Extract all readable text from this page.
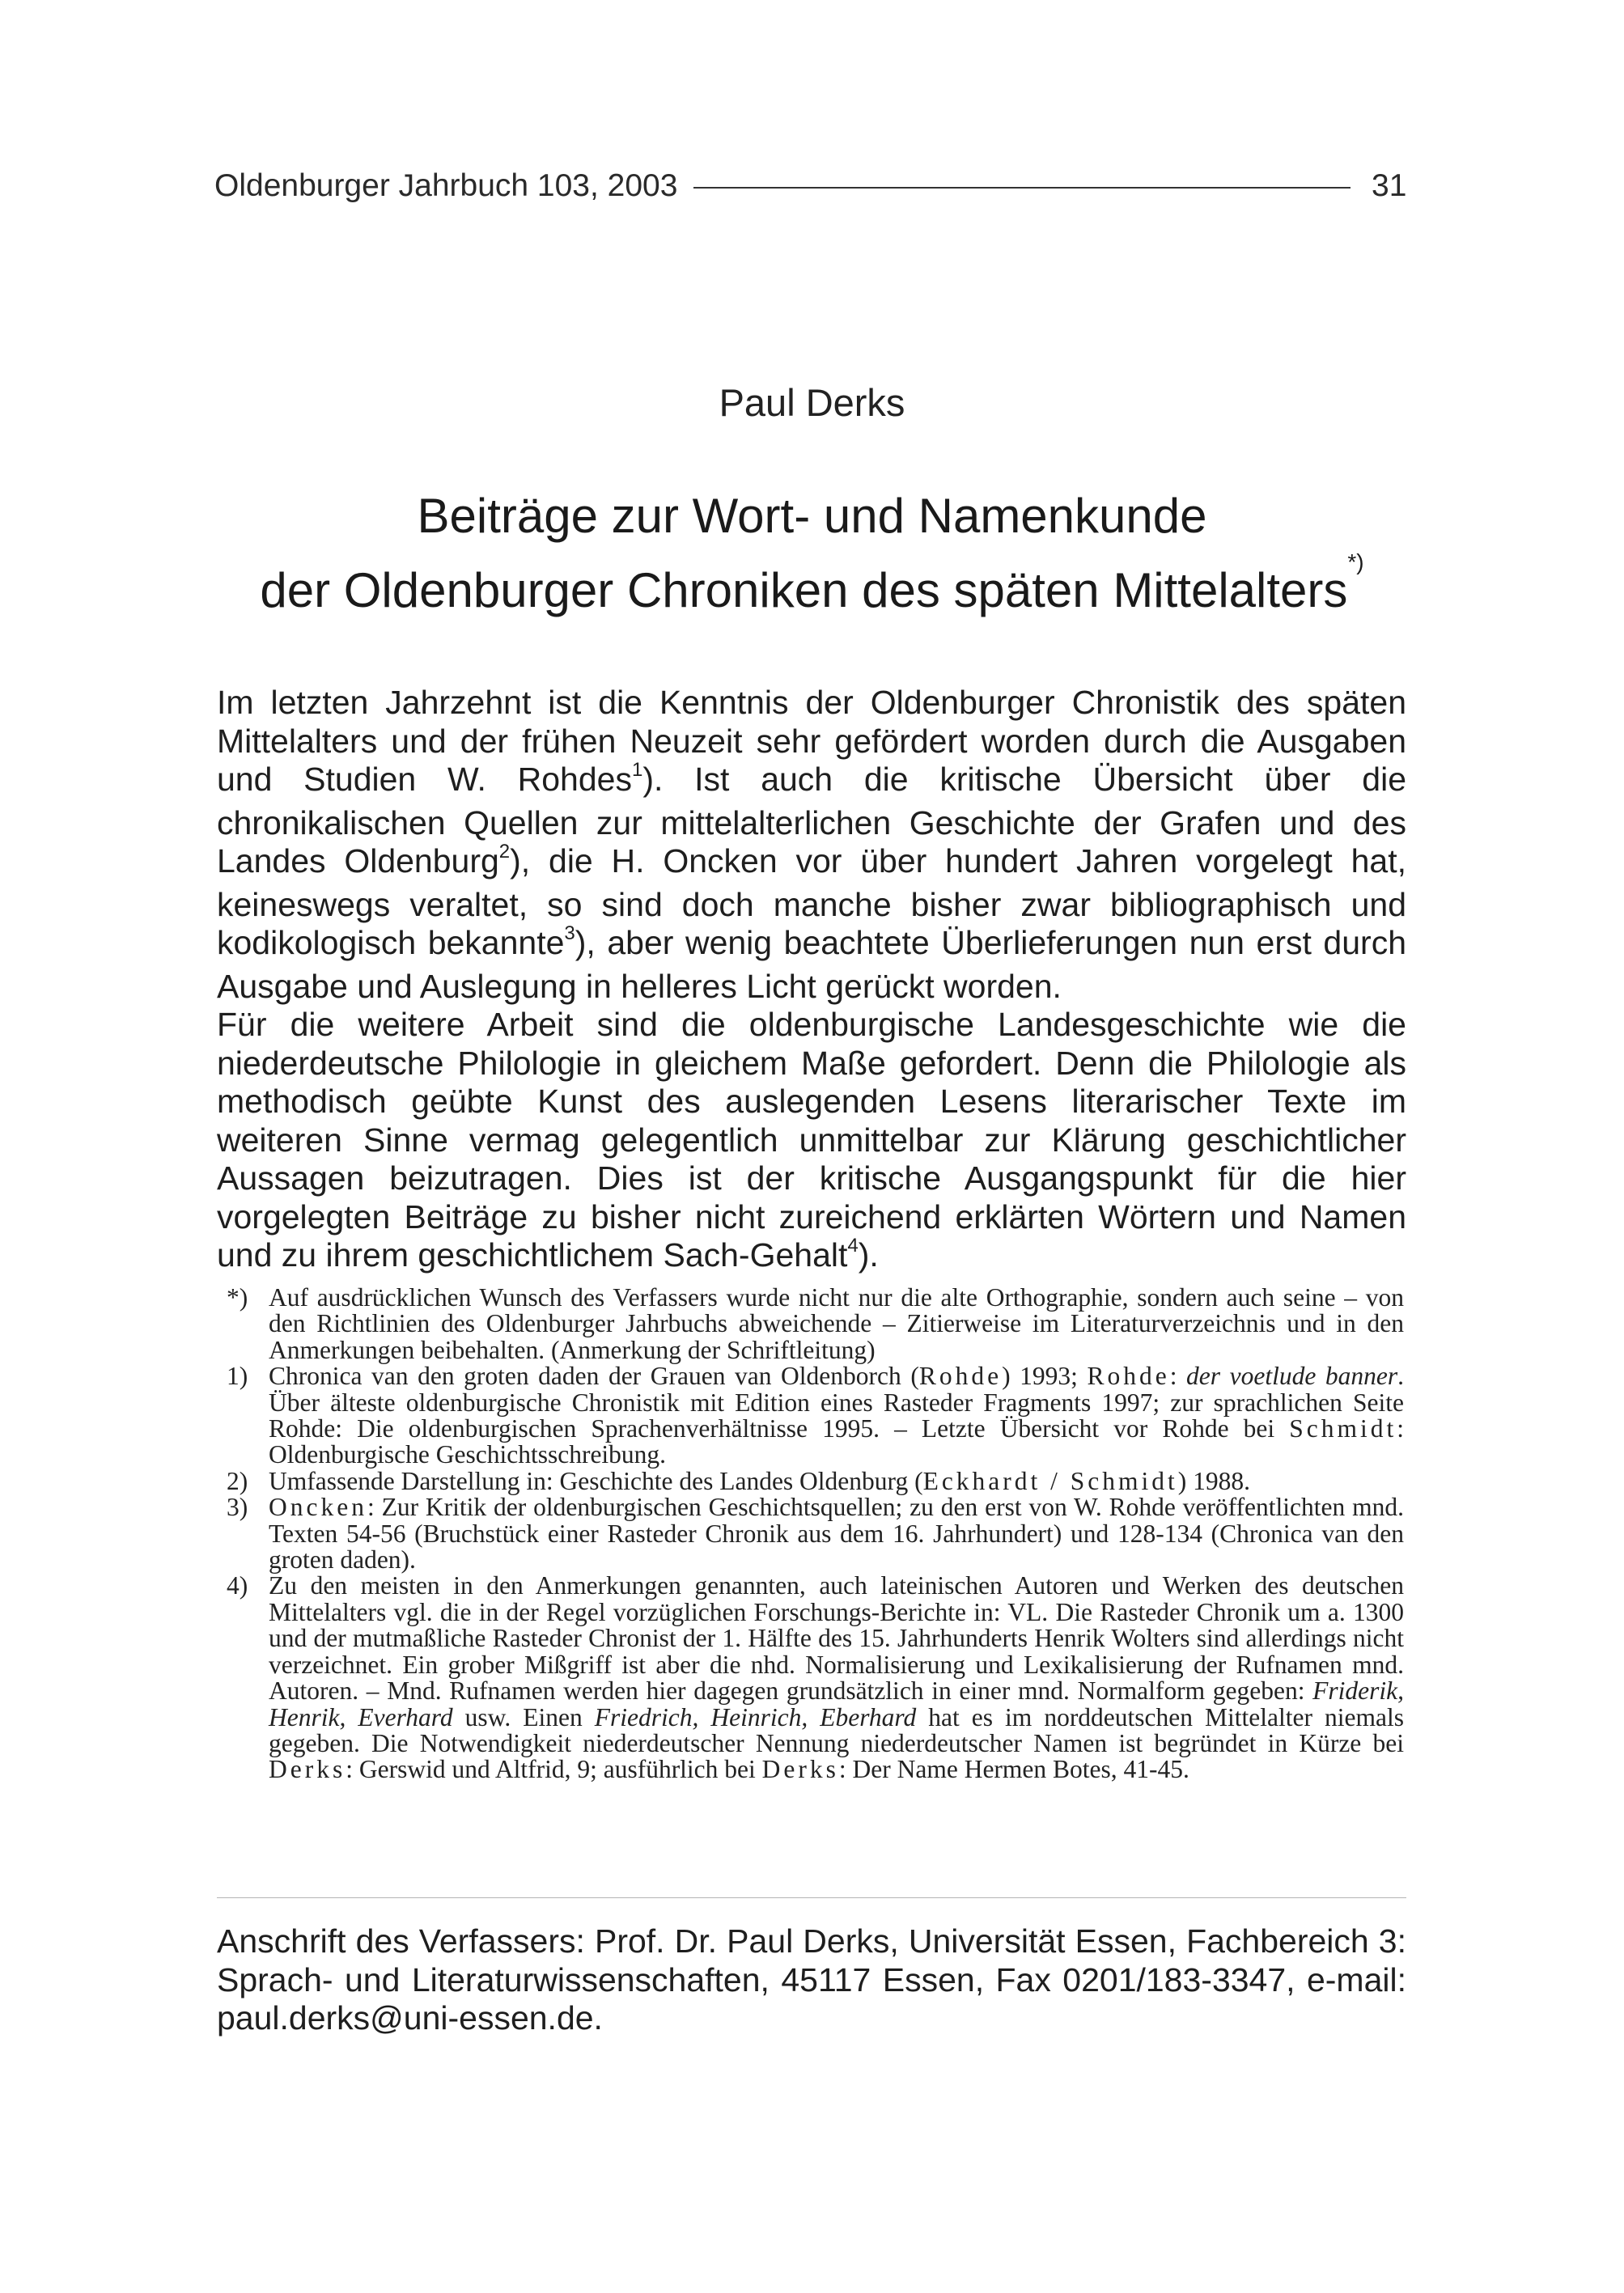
Oldenburger Jahrbuch 103, 2003	31
Paul Derks
Beiträge zur Wort- und Namenkunde
der Oldenburger Chroniken des späten Mittelalters*)

Im letzten Jahrzehnt ist die Kenntnis der Oldenburger Chronistik des späten Mittelalters und der frühen Neuzeit sehr gefördert worden durch die Ausgaben und Studien W. Rohdes$^1$). Ist auch die kritische Übersicht über die chronikalischen Quellen zur mittelalterlichen Geschichte der Grafen und des Landes Oldenburg$^2$), die H. Oncken vor über hundert Jahren vorgelegt hat, keineswegs veraltet, so sind doch manche bisher zwar bibliographisch und kodikologisch bekannte$^3$), aber wenig beachtete Überlieferungen nun erst durch Ausgabe und Auslegung in helleres Licht gerückt worden.

Für die weitere Arbeit sind die oldenburgische Landesgeschichte wie die niederdeutsche Philologie in gleichem Maße gefordert. Denn die Philologie als methodisch geübte Kunst des auslegenden Lesens literarischer Texte im weiteren Sinne vermag gelegentlich unmittelbar zur Klärung geschichtlicher Aussagen beizutragen. Dies ist der kritische Ausgangspunkt für die hier vorgelegten Beiträge zu bisher nicht zureichend erklärten Wörtern und Namen und zu ihrem geschichtlichem Sach-Gehalt$^4$).

*) Auf ausdrücklichen Wunsch des Verfassers wurde nicht nur die alte Orthographie, sondern auch seine – von den Richtlinien des Oldenburger Jahrbuchs abweichende – Zitierweise im Literaturverzeichnis und in den Anmerkungen beibehalten. (Anmerkung der Schriftleitung)
1) Chronica van den groten daden der Grauen van Oldenborch (Rohde) 1993; Rohde: der voetlude banner. Über älteste oldenburgische Chronistik mit Edition eines Rasteder Fragments 1997; zur sprachlichen Seite Rohde: Die oldenburgischen Sprachenverhältnisse 1995. – Letzte Übersicht vor Rohde bei Schmidt: Oldenburgische Geschichtsschreibung.
2) Umfassende Darstellung in: Geschichte des Landes Oldenburg (Eckhardt / Schmidt) 1988.
3) Oncken: Zur Kritik der oldenburgischen Geschichtsquellen; zu den erst von W. Rohde veröffentlichten mnd. Texten 54-56 (Bruchstück einer Rasteder Chronik aus dem 16. Jahrhundert) und 128-134 (Chronica van den groten daden).
4) Zu den meisten in den Anmerkungen genannten, auch lateinischen Autoren und Werken des deutschen Mittelalters vgl. die in der Regel vorzüglichen Forschungs-Berichte in: VL. Die Rasteder Chronik um a. 1300 und der mutmaßliche Rasteder Chronist der 1. Hälfte des 15. Jahrhunderts Henrik Wolters sind allerdings nicht verzeichnet. Ein grober Mißgriff ist aber die nhd. Normalisierung und Lexikalisierung der Rufnamen mnd. Autoren. – Mnd. Rufnamen werden hier dagegen grundsätzlich in einer mnd. Normalform gegeben: Friderik, Henrik, Everhard usw. Einen Friedrich, Heinrich, Eberhard hat es im norddeutschen Mittelalter niemals gegeben. Die Notwendigkeit niederdeutscher Nennung niederdeutscher Namen ist begründet in Kürze bei Derks: Gerswid und Altfrid, 9; ausführlich bei Derks: Der Name Hermen Botes, 41-45.
Anschrift des Verfassers: Prof. Dr. Paul Derks, Universität Essen, Fachbereich 3: Sprach- und Literaturwissenschaften, 45117 Essen, Fax 0201/183-3347, e-mail: paul.derks@uni-essen.de.
